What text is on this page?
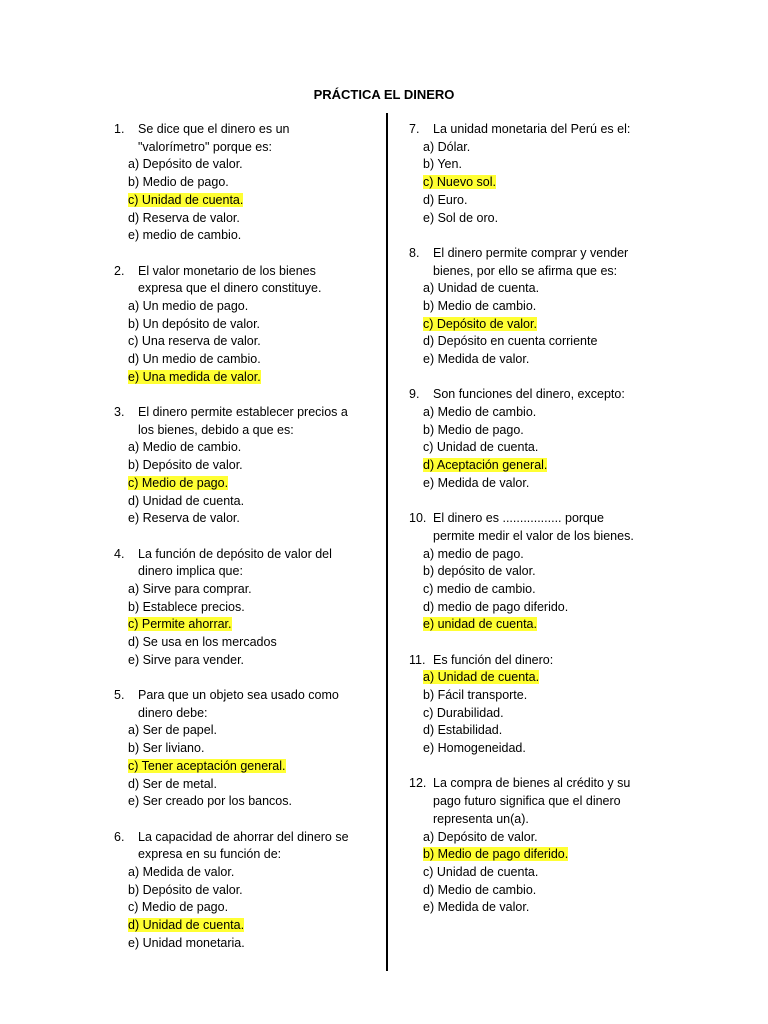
PRÁCTICA EL DINERO
1. Se dice que el dinero es un
"valorímetro" porque es:
a) Depósito de valor.
b) Medio de pago.
c) Unidad de cuenta.
d) Reserva de valor.
e) medio de cambio.
2. El valor monetario de los bienes
expresa que el dinero constituye.
a) Un medio de pago.
b) Un depósito de valor.
c) Una reserva de valor.
d) Un medio de cambio.
e) Una medida de valor.
3. El dinero permite establecer precios a
los bienes, debido a que es:
a) Medio de cambio.
b) Depósito de valor.
c) Medio de pago.
d) Unidad de cuenta.
e) Reserva de valor.
4. La función de depósito de valor del
dinero implica que:
a) Sirve para comprar.
b) Establece precios.
c) Permite ahorrar.
d) Se usa en los mercados
e) Sirve para vender.
5. Para que un objeto sea usado como
dinero debe:
a) Ser de papel.
b) Ser liviano.
c) Tener aceptación general.
d) Ser de metal.
e) Ser creado por los bancos.
6. La capacidad de ahorrar del dinero se
expresa en su función de:
a) Medida de valor.
b) Depósito de valor.
c) Medio de pago.
d) Unidad de cuenta.
e) Unidad monetaria.
7. La unidad monetaria del Perú es el:
a) Dólar.
b) Yen.
c) Nuevo sol.
d) Euro.
e) Sol de oro.
8. El dinero permite comprar y vender
bienes, por ello se afirma que es:
a) Unidad de cuenta.
b) Medio de cambio.
c) Depósito de valor.
d) Depósito en cuenta corriente
e) Medida de valor.
9. Son funciones del dinero, excepto:
a) Medio de cambio.
b) Medio de pago.
c) Unidad de cuenta.
d) Aceptación general.
e) Medida de valor.
10. El dinero es ................. porque
permite medir el valor de los bienes.
a) medio de pago.
b) depósito de valor.
c) medio de cambio.
d) medio de pago diferido.
e) unidad de cuenta.
11. Es función del dinero:
a) Unidad de cuenta.
b) Fácil transporte.
c) Durabilidad.
d) Estabilidad.
e) Homogeneidad.
12. La compra de bienes al crédito y su
pago futuro significa que el dinero
representa un(a).
a) Depósito de valor.
b) Medio de pago diferido.
c) Unidad de cuenta.
d) Medio de cambio.
e) Medida de valor.
